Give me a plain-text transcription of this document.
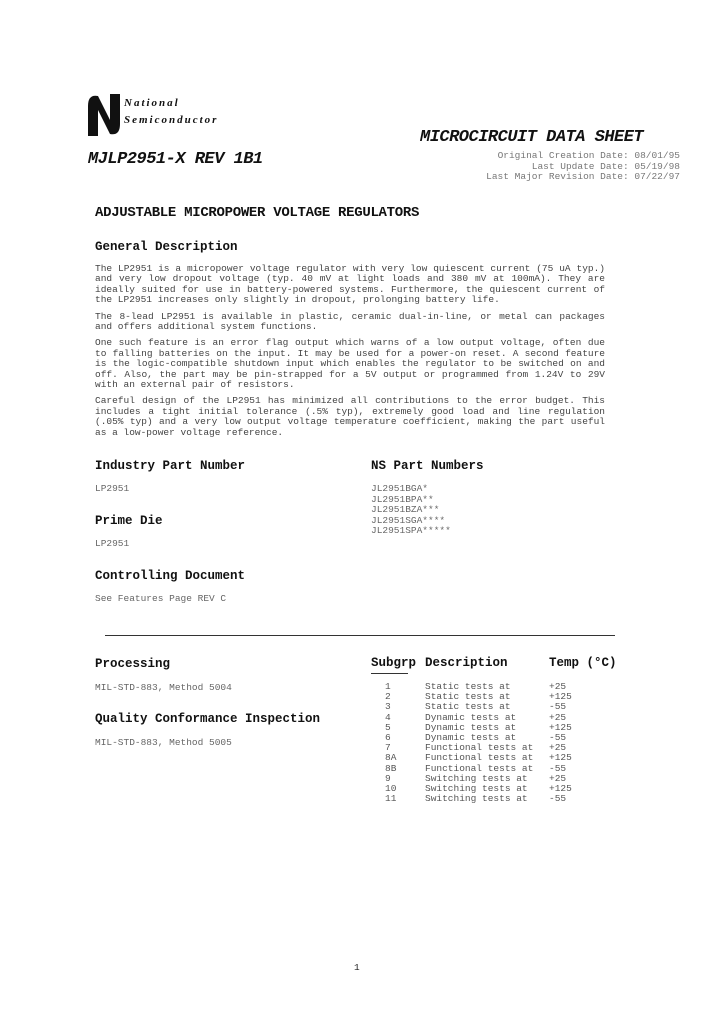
National
Semiconductor
MICROCIRCUIT DATA SHEET
MJLP2951-X REV 1B1	Original Creation Date: 08/01/95
Last Update Date: 05/19/98
Last Major Revision Date: 07/22/97
ADJUSTABLE MICROPOWER VOLTAGE REGULATORS
General Description
The LP2951 is a micropower voltage regulator with very low quiescent current (75 uA typ.) and very low dropout voltage (typ. 40 mV at light loads and 380 mV at 100mA). They are ideally suited for use in battery-powered systems. Furthermore, the quiescent current of the LP2951 increases only slightly in dropout, prolonging battery life.
The 8-lead LP2951 is available in plastic, ceramic dual-in-line, or metal can packages and offers additional system functions.
One such feature is an error flag output which warns of a low output voltage, often due to falling batteries on the input. It may be used for a power-on reset. A second feature is the logic-compatible shutdown input which enables the regulator to be switched on and off. Also, the part may be pin-strapped for a 5V output or programmed from 1.24V to 29V with an external pair of resistors.
Careful design of the LP2951 has minimized all contributions to the error budget. This includes a tight initial tolerance (.5% typ), extremely good load and line regulation (.05% typ) and a very low output voltage temperature coefficient, making the part useful as a low-power voltage reference.
Industry Part Number
LP2951
NS Part Numbers
JL2951BGA*
JL2951BPA**
JL2951BZA***
JL2951SGA****
JL2951SPA*****
Prime Die
LP2951
Controlling Document
See Features Page REV C
Processing
MIL-STD-883, Method 5004
Quality Conformance Inspection
MIL-STD-883, Method 5005
Subgrp Description	Temp (°C)
1	Static tests at	+25
2	Static tests at	+125
3	Static tests at	-55
4	Dynamic tests at	+25
5	Dynamic tests at	+125
6	Dynamic tests at	-55
7	Functional tests at +25
8A	Functional tests at +125
8B	Functional tests at -55
9	Switching tests at +25
10	Switching tests at +125
11	Switching tests at -55
1
